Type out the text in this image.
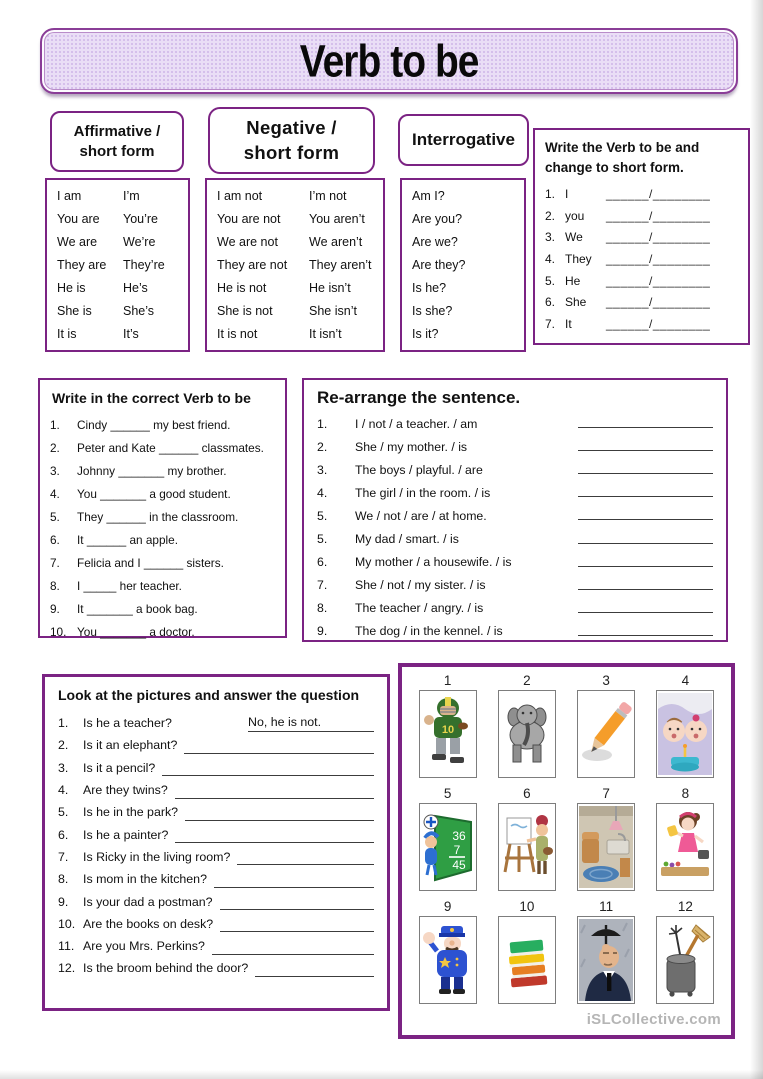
Verb to be
Affirmative /
short form
Negative /
short form
Interrogative
I am	I’m
You are	You’re
We are	We’re
They are	They’re
He is	He’s
She is	She’s
It is	It’s
I am not	I’m not
You are not	You aren’t
We are not	We aren’t
They are not	They aren’t
He is not	He isn’t
She is not	She isn’t
It is not	It isn’t
Am I?
Are you?
Are we?
Are they?
Is he?
Is she?
Is it?
Write the Verb to be and change to short form.
1. I	______/________
2. you	______/________
3. We	______/________
4. They	______/________
5. He	______/________
6. She	______/________
7. It	______/________
Write in the correct Verb to be
1.	Cindy ______ my best friend.
2.	Peter and Kate ______ classmates.
3.	Johnny _______ my brother.
4.	You _______ a good student.
5.	They ______ in the classroom.
6.	It ______ an apple.
7.	Felicia and I ______ sisters.
8.	I _____ her teacher.
9.	It _______ a book bag.
10. You _______ a doctor.
Re-arrange the sentence.
1.	I / not / a teacher. / am
2.	She / my mother. / is
3.	The boys / playful. / are
4.	The girl / in the room. / is
5.	We / not / are / at home.
5.	My dad / smart. / is
6.	My mother / a housewife. / is
7.	She / not / my sister. / is
8.	The teacher / angry. / is
9.	The dog / in the kennel. / is
Look at the pictures and answer the question
1.	Is he a teacher?	No, he is not.
2.	Is it an elephant?
3.	Is it a pencil?
4.	Are they twins?
5.	Is he in the park?
6.	Is he a painter?
7.	Is Ricky in the living room?
8.	Is mom in the kitchen?
9.	Is your dad a postman?
10. Are the books on desk?
11. Are you Mrs. Perkins?
12. Is the broom behind the door?
1
10
2	3	4
5
36
7
45
6	7	8
9	10	11	12
iSLCollective.com
